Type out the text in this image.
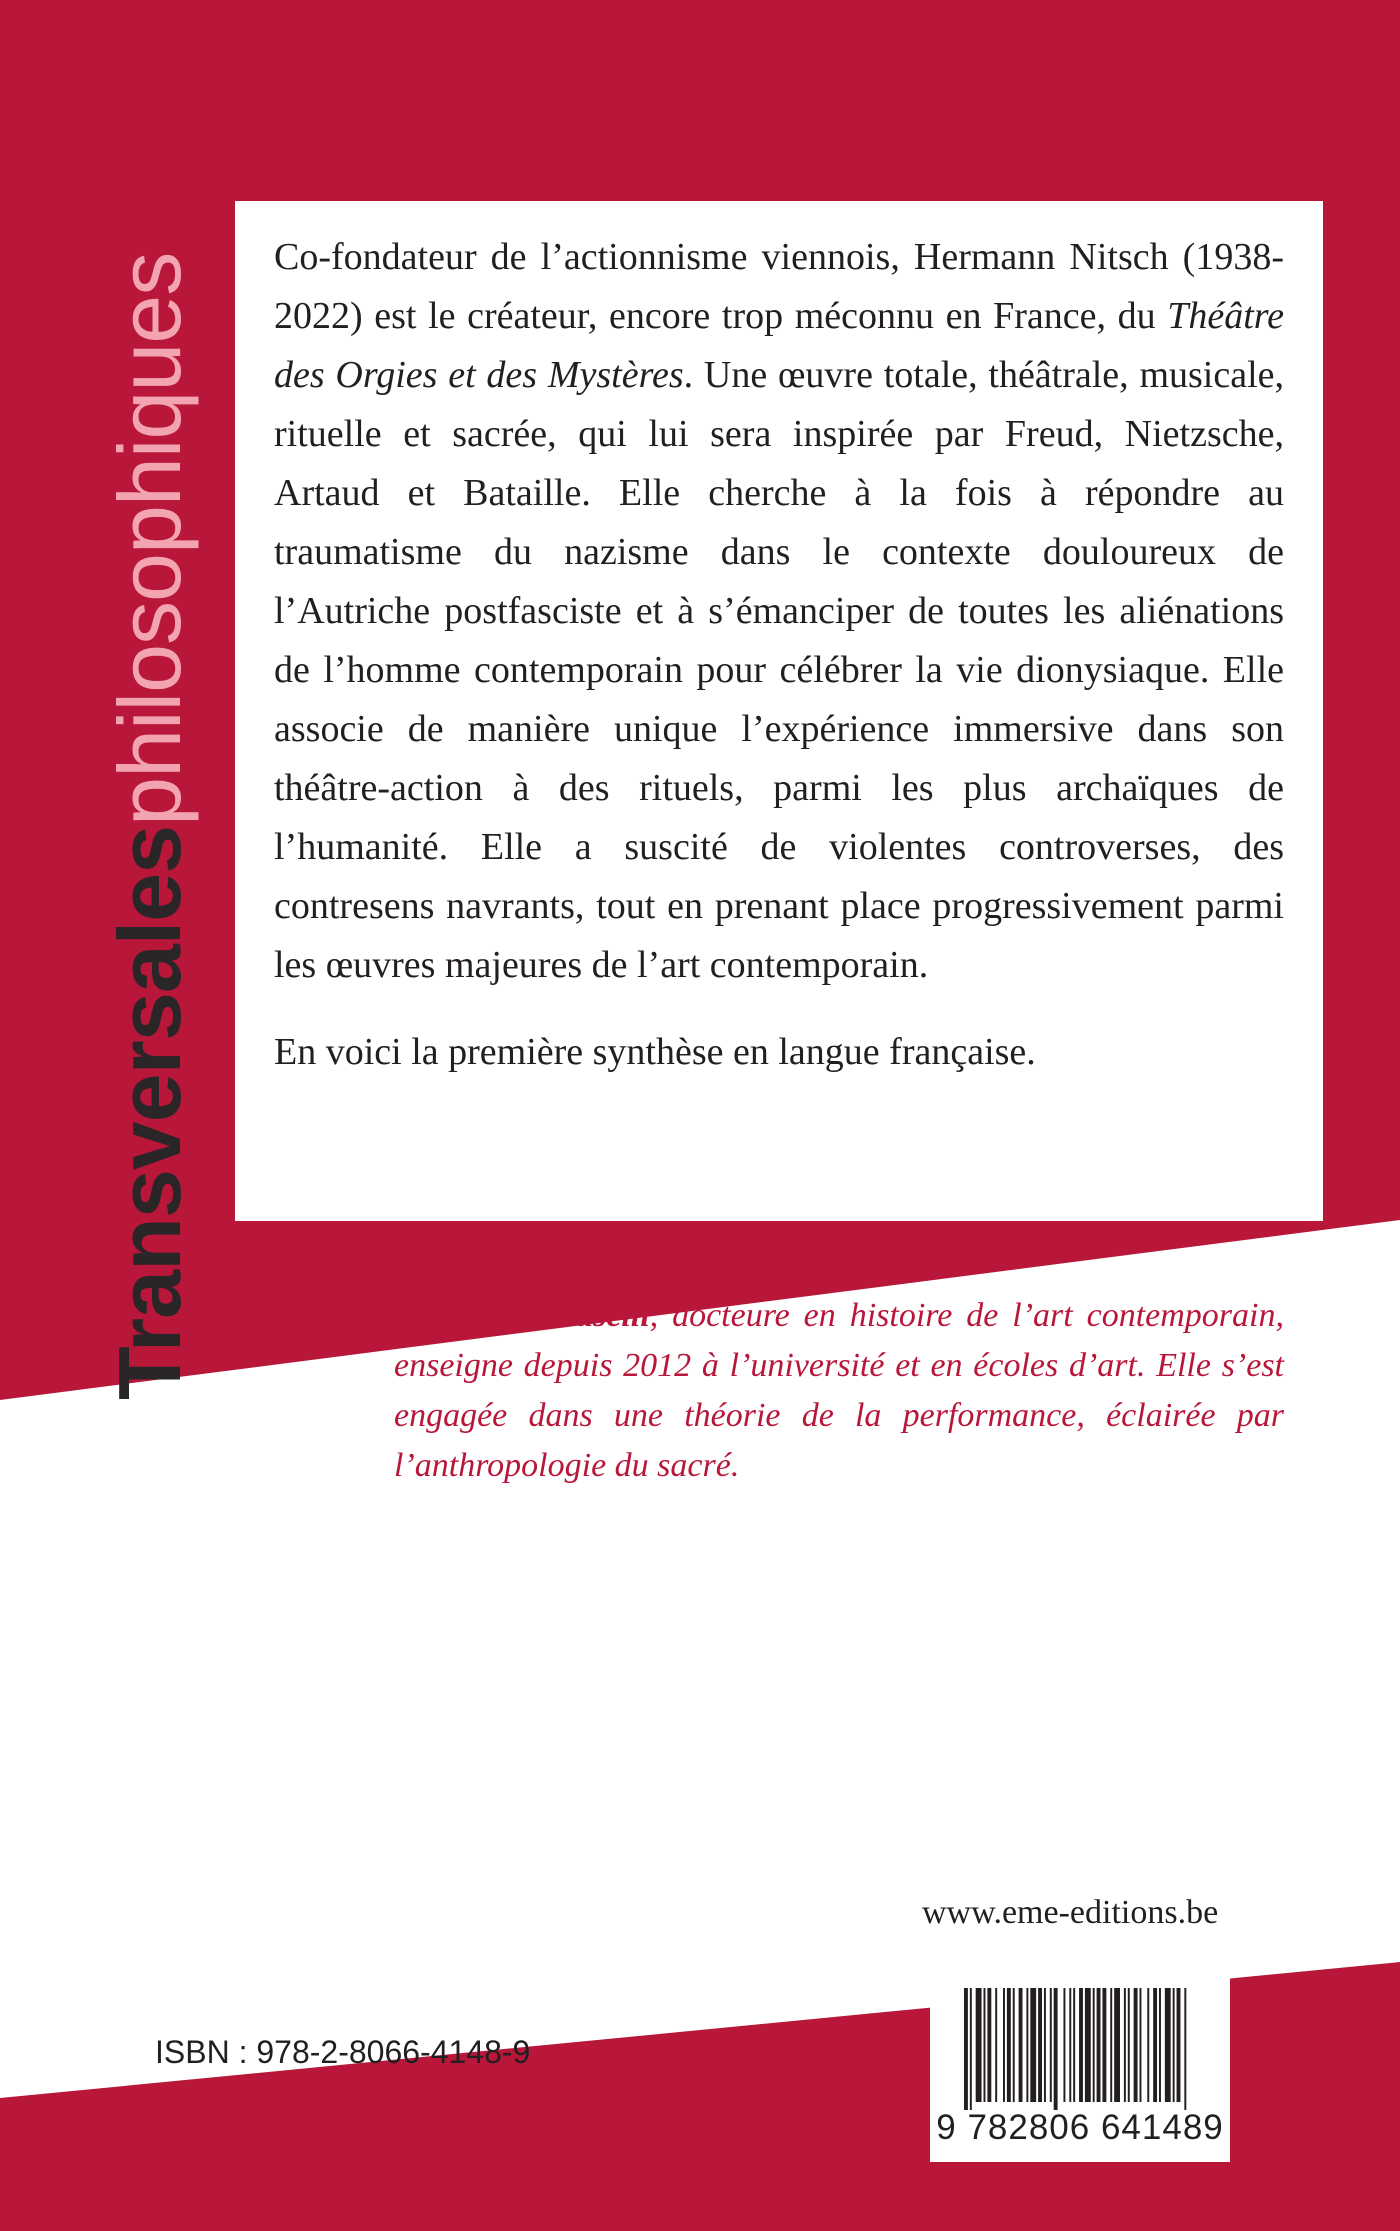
Transversalesphilosophiques Co-fondateur de l’actionnisme viennois, Hermann Nitsch (1938-2022) est le créateur, encore trop méconnu en France, du Théâtre des Orgies et des Mystères. Une œuvre totale, théâtrale, musicale, rituelle et sacrée, qui lui sera inspirée par Freud, Nietzsche, Artaud et Bataille. Elle cherche à la fois à répondre au traumatisme du nazisme dans le contexte douloureux de l’Autriche postfasciste et à s’émanciper de toutes les aliénations de l’homme contemporain pour célébrer la vie dionysiaque. Elle associe de manière unique l’expérience immersive dans son théâtre-action à des rituels, parmi les plus archaïques de l’humanité. Elle a suscité de violentes controverses, des contresens navrants, tout en prenant place progressivement parmi les œuvres majeures de l’art contemporain.

En voici la première synthèse en langue française.

Bénédicte Maselli, docteure en histoire de l’art contemporain, enseigne depuis 2012 à l’université et en écoles d’art. Elle s’est engagée dans une théorie de la performance, éclairée par l’anthropologie du sacré.
www.eme-editions.be
9 782806 641489
ISBN : 978-2-8066-4148-9
33 €
